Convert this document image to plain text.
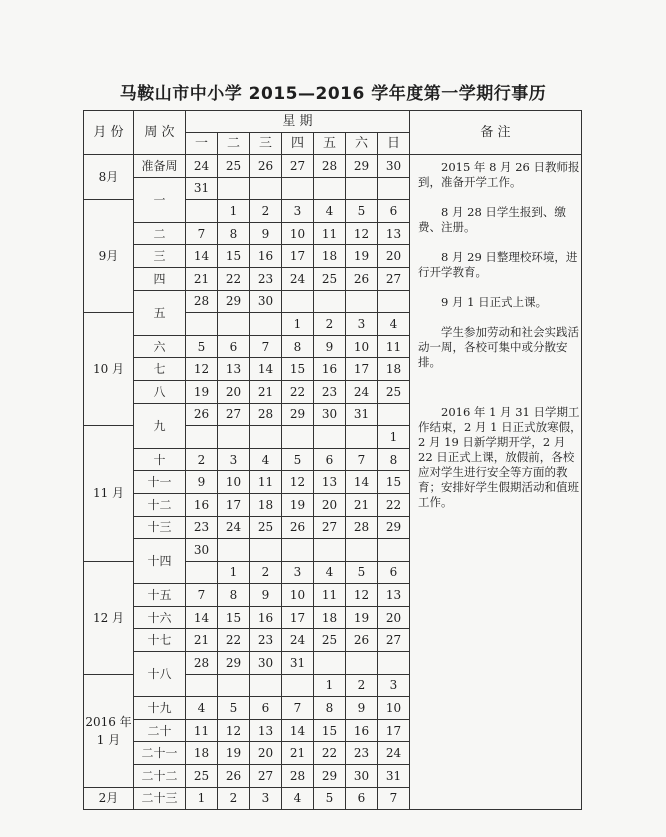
马鞍山市中小学 2015—2016 学年度第一学期行事历
月 份	周 次	星 期							备 注
		一	二	三	四	五	六	日	
8月	准备周	24	25	26	27	28	29	30	
	一	31							
9月			1	2	3	4	5	6	
	二	7	8	9	10	11	12	13	
	三	14	15	16	17	18	19	20	
	四	21	22	23	24	25	26	27	
	五	28	29	30					
10 月					1	2	3	4	
	六	5	6	7	8	9	10	11	
	七	12	13	14	15	16	17	18	
	八	19	20	21	22	23	24	25	
	九	26	27	28	29	30	31		
11 月								1	
	十	2	3	4	5	6	7	8	
	十一	9	10	11	12	13	14	15	
	十二	16	17	18	19	20	21	22	
	十三	23	24	25	26	27	28	29	
	十四	30							
12 月			1	2	3	4	5	6	
	十五	7	8	9	10	11	12	13	
	十六	14	15	16	17	18	19	20	
	十七	21	22	23	24	25	26	27	
	十八	28	29	30	31				
2016 年
1 月						1	2	3	
	十九	4	5	6	7	8	9	10	
	二十	11	12	13	14	15	16	17	
	二十一	18	19	20	21	22	23	24	
	二十二	25	26	27	28	29	30	31	
2月	二十三	1	2	3	4	5	6	7	

2015 年 8 月 26 日教师报到，准备开学工作。

8 月 28 日学生报到、缴费、注册。

8 月 29 日整理校环境，进行开学教育。

9 月 1 日正式上课。

学生参加劳动和社会实践活动一周，各校可集中或分散安排。

2016 年 1 月 31 日学期工作结束，2 月 1 日正式放寒假，2 月 19 日新学期开学，2 月 22 日正式上课，放假前，各校应对学生进行安全等方面的教育；安排好学生假期活动和值班工作。
